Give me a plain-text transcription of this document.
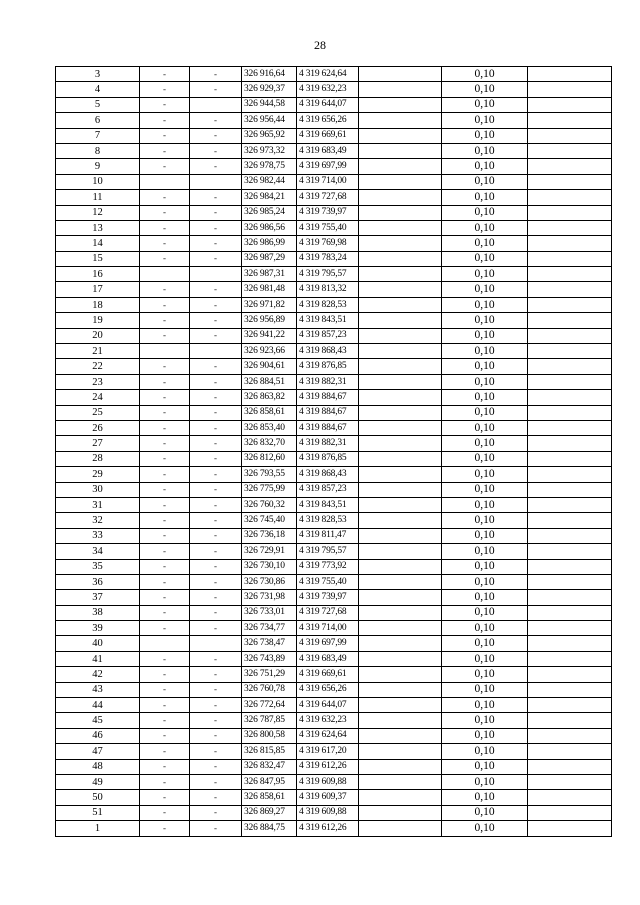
28
3	-	-	326 916,64	4 319 624,64		0,10	
4	-	-	326 929,37	4 319 632,23		0,10	
5	-		326 944,58	4 319 644,07		0,10	
6	-	-	326 956,44	4 319 656,26		0,10	
7	-	-	326 965,92	4 319 669,61		0,10	
8	-	-	326 973,32	4 319 683,49		0,10	
9	-	-	326 978,75	4 319 697,99		0,10	
10			326 982,44	4 319 714,00		0,10	
11	-	-	326 984,21	4 319 727,68		0,10	
12	-	-	326 985,24	4 319 739,97		0,10	
13	-	-	326 986,56	4 319 755,40		0,10	
14	-	-	326 986,99	4 319 769,98		0,10	
15	-	-	326 987,29	4 319 783,24		0,10	
16			326 987,31	4 319 795,57		0,10	
17	-	-	326 981,48	4 319 813,32		0,10	
18	-	-	326 971,82	4 319 828,53		0,10	
19	-	-	326 956,89	4 319 843,51		0,10	
20	-	-	326 941,22	4 319 857,23		0,10	
21			326 923,66	4 319 868,43		0,10	
22	-	-	326 904,61	4 319 876,85		0,10	
23	-	-	326 884,51	4 319 882,31		0,10	
24	-	-	326 863,82	4 319 884,67		0,10	
25	-	-	326 858,61	4 319 884,67		0,10	
26	-	-	326 853,40	4 319 884,67		0,10	
27	-	-	326 832,70	4 319 882,31		0,10	
28	-	-	326 812,60	4 319 876,85		0,10	
29	-	-	326 793,55	4 319 868,43		0,10	
30	-	-	326 775,99	4 319 857,23		0,10	
31	-	-	326 760,32	4 319 843,51		0,10	
32	-	-	326 745,40	4 319 828,53		0,10	
33	-	-	326 736,18	4 319 811,47		0,10	
34	-	-	326 729,91	4 319 795,57		0,10	
35	-	-	326 730,10	4 319 773,92		0,10	
36	-	-	326 730,86	4 319 755,40		0,10	
37	-	-	326 731,98	4 319 739,97		0,10	
38	-	-	326 733,01	4 319 727,68		0,10	
39	-	-	326 734,77	4 319 714,00		0,10	
40			326 738,47	4 319 697,99		0,10	
41	-	-	326 743,89	4 319 683,49		0,10	
42	-	-	326 751,29	4 319 669,61		0,10	
43	-	-	326 760,78	4 319 656,26		0,10	
44	-	-	326 772,64	4 319 644,07		0,10	
45	-	-	326 787,85	4 319 632,23		0,10	
46	-	-	326 800,58	4 319 624,64		0,10	
47	-	-	326 815,85	4 319 617,20		0,10	
48	-	-	326 832,47	4 319 612,26		0,10	
49	-	-	326 847,95	4 319 609,88		0,10	
50	-	-	326 858,61	4 319 609,37		0,10	
51	-	-	326 869,27	4 319 609,88		0,10	
1	-	-	326 884,75	4 319 612,26		0,10	
